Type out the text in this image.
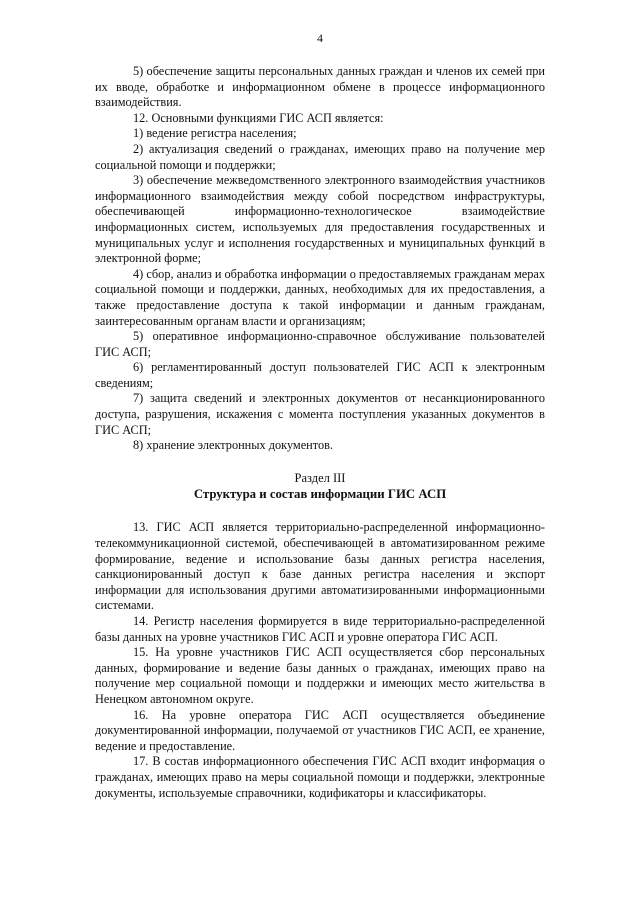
4

5) обеспечение защиты персональных данных граждан и членов их семей при их вводе, обработке и информационном обмене в процессе информационного взаимодействия.

12. Основными функциями ГИС АСП является:

1) ведение регистра населения;

2) актуализация сведений о гражданах, имеющих право на получение мер социальной помощи и поддержки;

3) обеспечение межведомственного электронного взаимодействия участников информационного взаимодействия между собой посредством инфраструктуры, обеспечивающей информационно-технологическое взаимодействие информационных систем, используемых для предоставления государственных и муниципальных услуг и исполнения государственных и муниципальных функций в электронной форме;

4) сбор, анализ и обработка информации о предоставляемых гражданам мерах социальной помощи и поддержки, данных, необходимых для их предоставления, а также предоставление доступа к такой информации и данным гражданам, заинтересованным органам власти и организациям;

5) оперативное информационно-справочное обслуживание пользователей ГИС АСП;

6) регламентированный доступ пользователей ГИС АСП к электронным сведениям;

7) защита сведений и электронных документов от несанкционированного доступа, разрушения, искажения с момента поступления указанных документов в ГИС АСП;

8) хранение электронных документов.

Раздел III

Структура и состав информации ГИС АСП

13. ГИС АСП является территориально-распределенной информационно-телекоммуникационной системой, обеспечивающей в автоматизированном режиме формирование, ведение и использование базы данных регистра населения, санкционированный доступ к базе данных регистра населения и экспорт информации для использования другими автоматизированными информационными системами.

14. Регистр населения формируется в виде территориально-распределенной базы данных на уровне участников ГИС АСП и уровне оператора ГИС АСП.

15. На уровне участников ГИС АСП осуществляется сбор персональных данных, формирование и ведение базы данных о гражданах, имеющих право на получение мер социальной помощи и поддержки и имеющих место жительства в Ненецком автономном округе.

16. На уровне оператора ГИС АСП осуществляется объединение документированной информации, получаемой от участников ГИС АСП, ее хранение, ведение и предоставление.

17. В состав информационного обеспечения ГИС АСП входит информация о гражданах, имеющих право на меры социальной помощи и поддержки, электронные документы, используемые справочники, кодификаторы и классификаторы.
